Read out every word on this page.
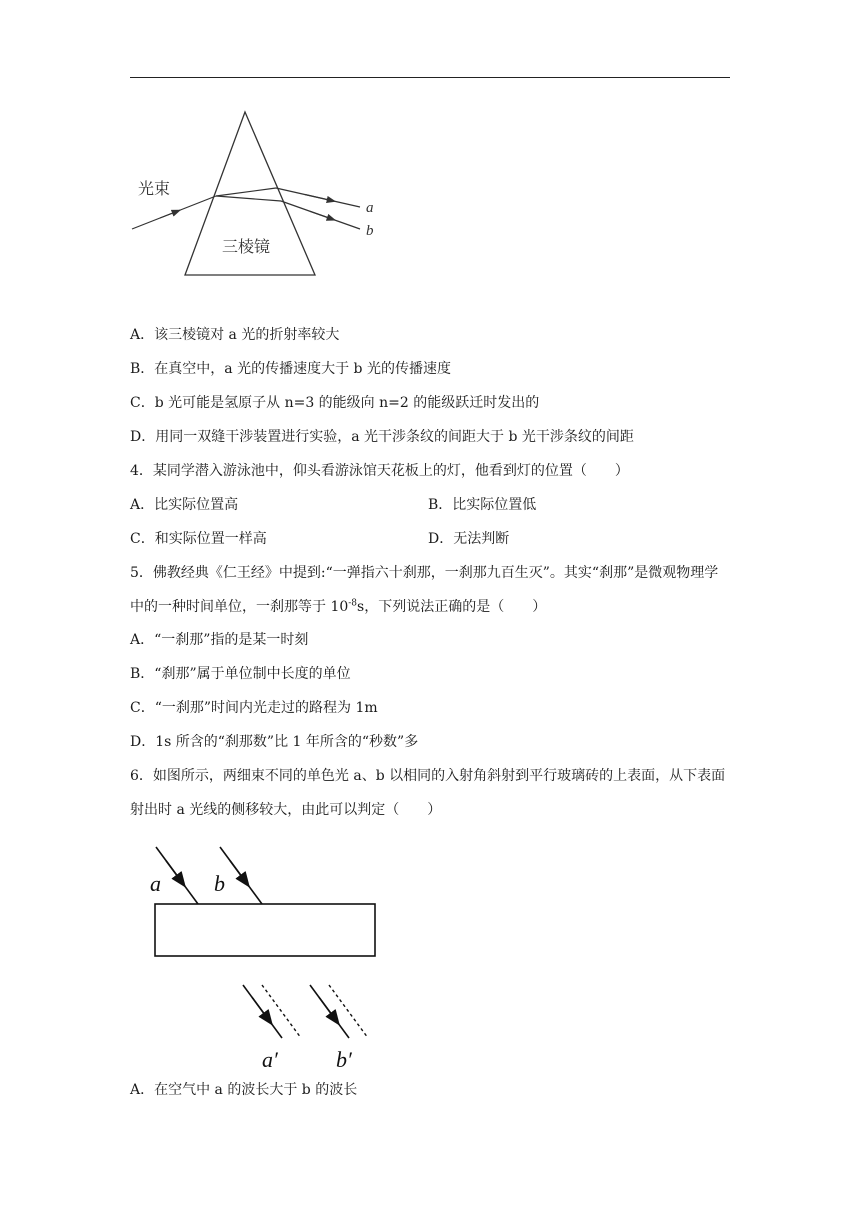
光束
三棱镜
a
b
A．该三棱镜对 a 光的折射率较大
B．在真空中，a 光的传播速度大于 b 光的传播速度
C．b 光可能是氢原子从 n=3 的能级向 n=2 的能级跃迁时发出的
D．用同一双缝干涉装置进行实验，a 光干涉条纹的间距大于 b 光干涉条纹的间距
4．某同学潜入游泳池中，仰头看游泳馆天花板上的灯，他看到灯的位置（　　）
A．比实际位置高	B．比实际位置低
C．和实际位置一样高	D．无法判断
5．佛教经典《仁王经》中提到:“一弹指六十刹那，一刹那九百生灭”。其实“刹那”是微观物理学中的一种时间单位，一刹那等于 $10^{-8}s$，下列说法正确的是（　　）
A．“一刹那”指的是某一时刻
B．“刹那”属于单位制中长度的单位
C．“一刹那”时间内光走过的路程为 1m
D．1s 所含的“刹那数”比 1 年所含的“秒数”多
6．如图所示，两细束不同的单色光 a、b 以相同的入射角斜射到平行玻璃砖的上表面，从下表面射出时 a 光线的侧移较大，由此可以判定（　　）
a b
a′	b′
A．在空气中 a 的波长大于 b 的波长
